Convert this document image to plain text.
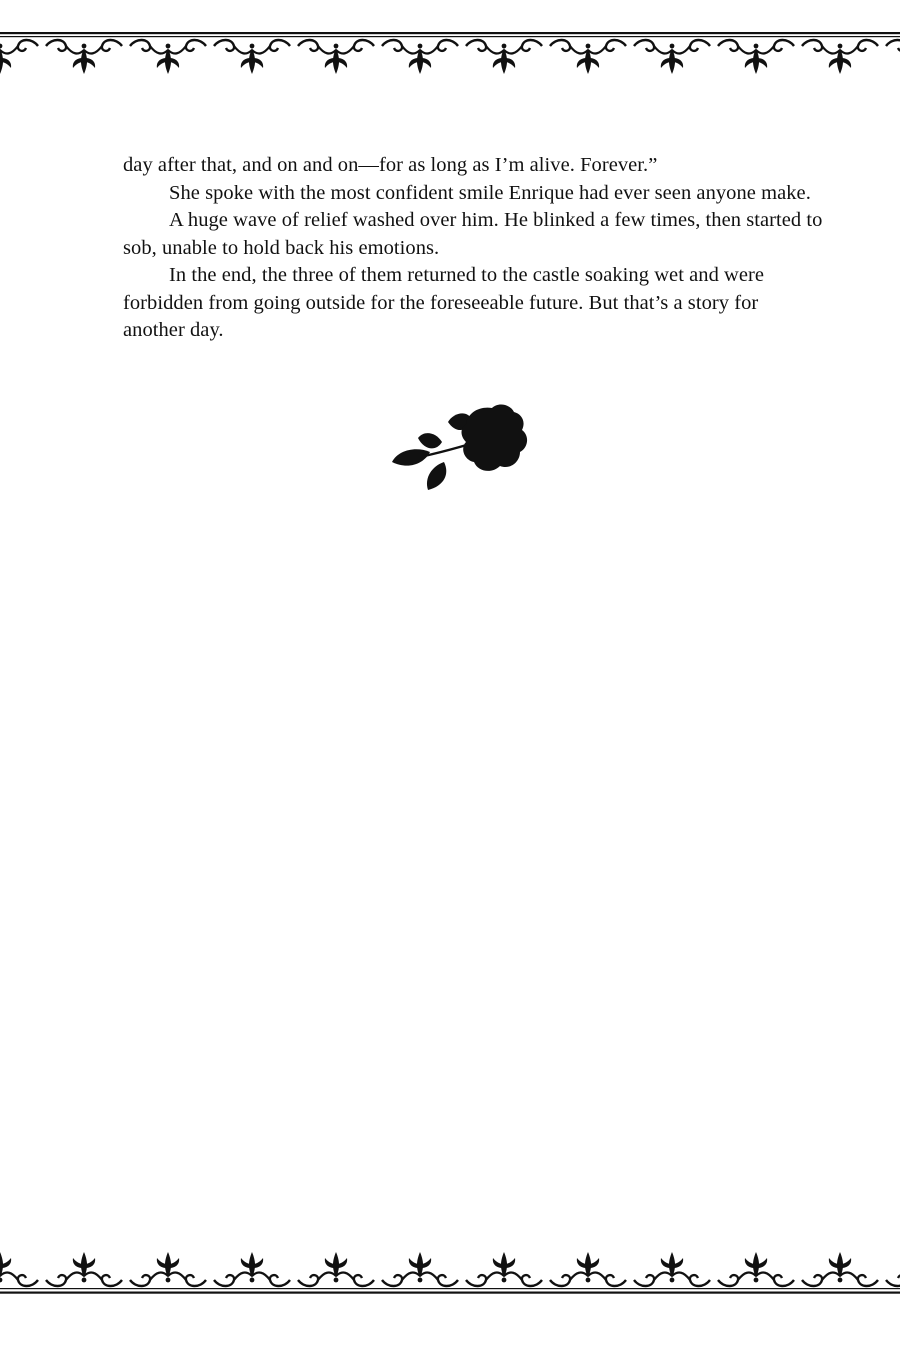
day after that, and on and on—for as long as I’m alive. Forever.”

She spoke with the most confident smile Enrique had ever seen anyone make.

A huge wave of relief washed over him. He blinked a few times, then started to sob, unable to hold back his emotions.

In the end, the three of them returned to the castle soaking wet and were forbidden from going outside for the foreseeable future. But that’s a story for another day.
